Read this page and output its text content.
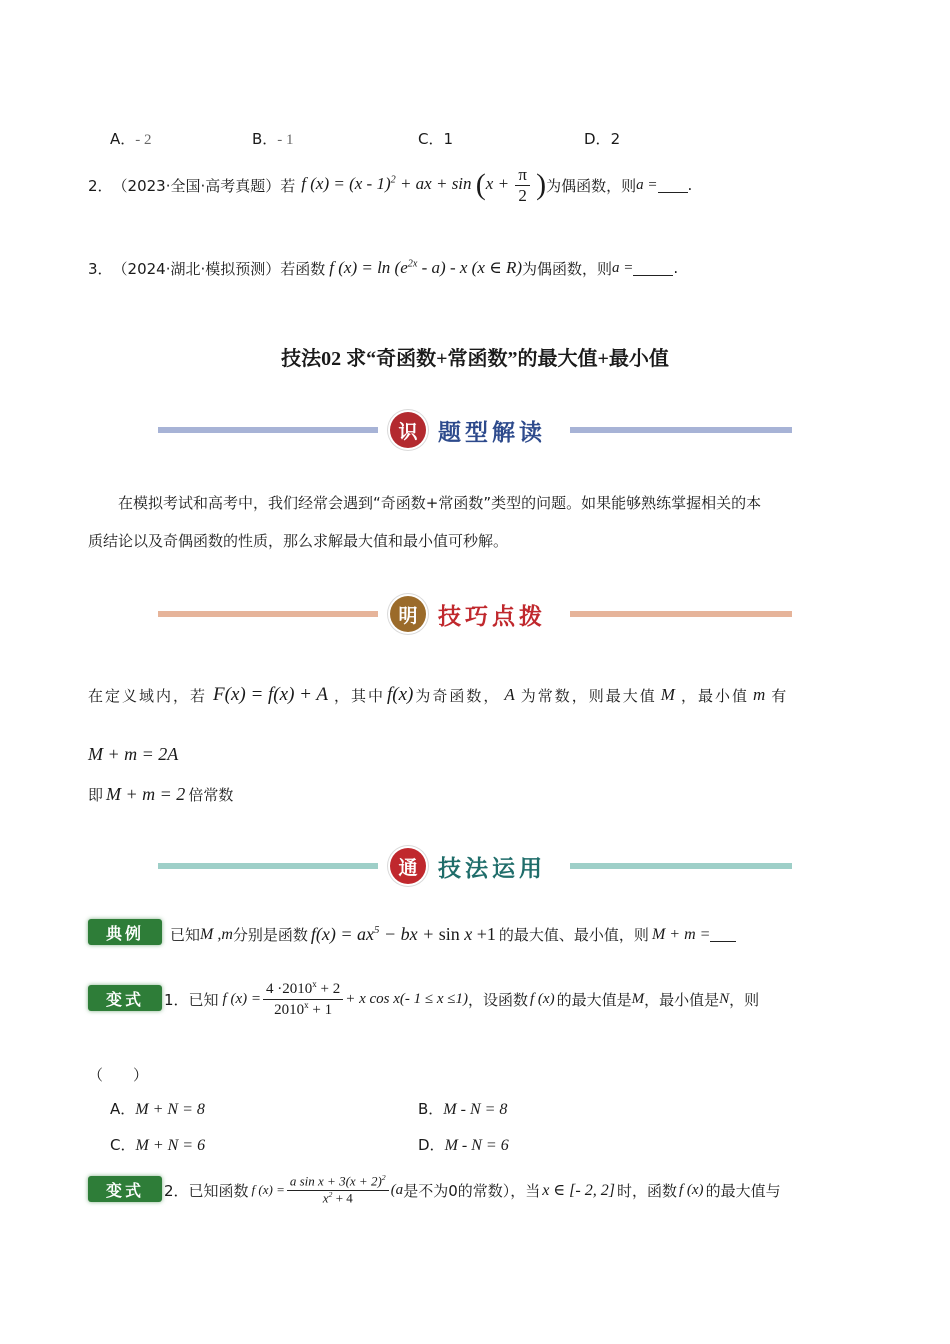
A．- 2	B．- 1	C．1	D．2
2． （2023·全国·高考真题）若 f (x) = (x - 1)$^2$ + ax + $\sin (x + \frac{\pi}{2}$ ) 为偶函数，则 a = .
3． （2024·湖北·模拟预测）若函数 f $(x) = \ln (e^{2x} - a) - x$ (x ∈ R) 为偶函数，则 a =	.
技法02 求“奇函数+常函数”的最大值+最小值
识 题型解读
在模拟考试和高考中，我们经常会遇到“奇函数+常函数”类型的问题。如果能够熟练掌握相关的本
质结论以及奇偶函数的性质，那么求解最大值和最小值可秒解。
明 技巧点拨
在定义域内，若 F(x) = f(x) + A ，其中 f(x) 为奇函数， A 为常数，则最大值 M ，最小值 m 有
M + m = 2A
即 M + m = 2 倍常数
通 技法运用
典例	已知 M ,m 分别是函数 $f(x) = ax^5$ − bx + sin x +1 的最大值、最小值，则 M + m =
变式	1．已知 f $(x) = \frac{4 \cdot 2010^x + 2}{2010^x + 1} + x$ cos x(- 1 ≤ x ≤1) ，设函数 f (x) 的最大值是 M ，最小值是 N ，则
（　　）
A．M + N = 8	B．M - N = 8
C．M + N = 6	D．M - N = 6
变式	2．已知函数 f $(x) = \frac{a \sin x + 3(x + 2)^2}{x^2 + 4} (a$ 是不为0的常数），当 x ∈ [- 2, 2] 时，函数 f (x) 的最大值与
